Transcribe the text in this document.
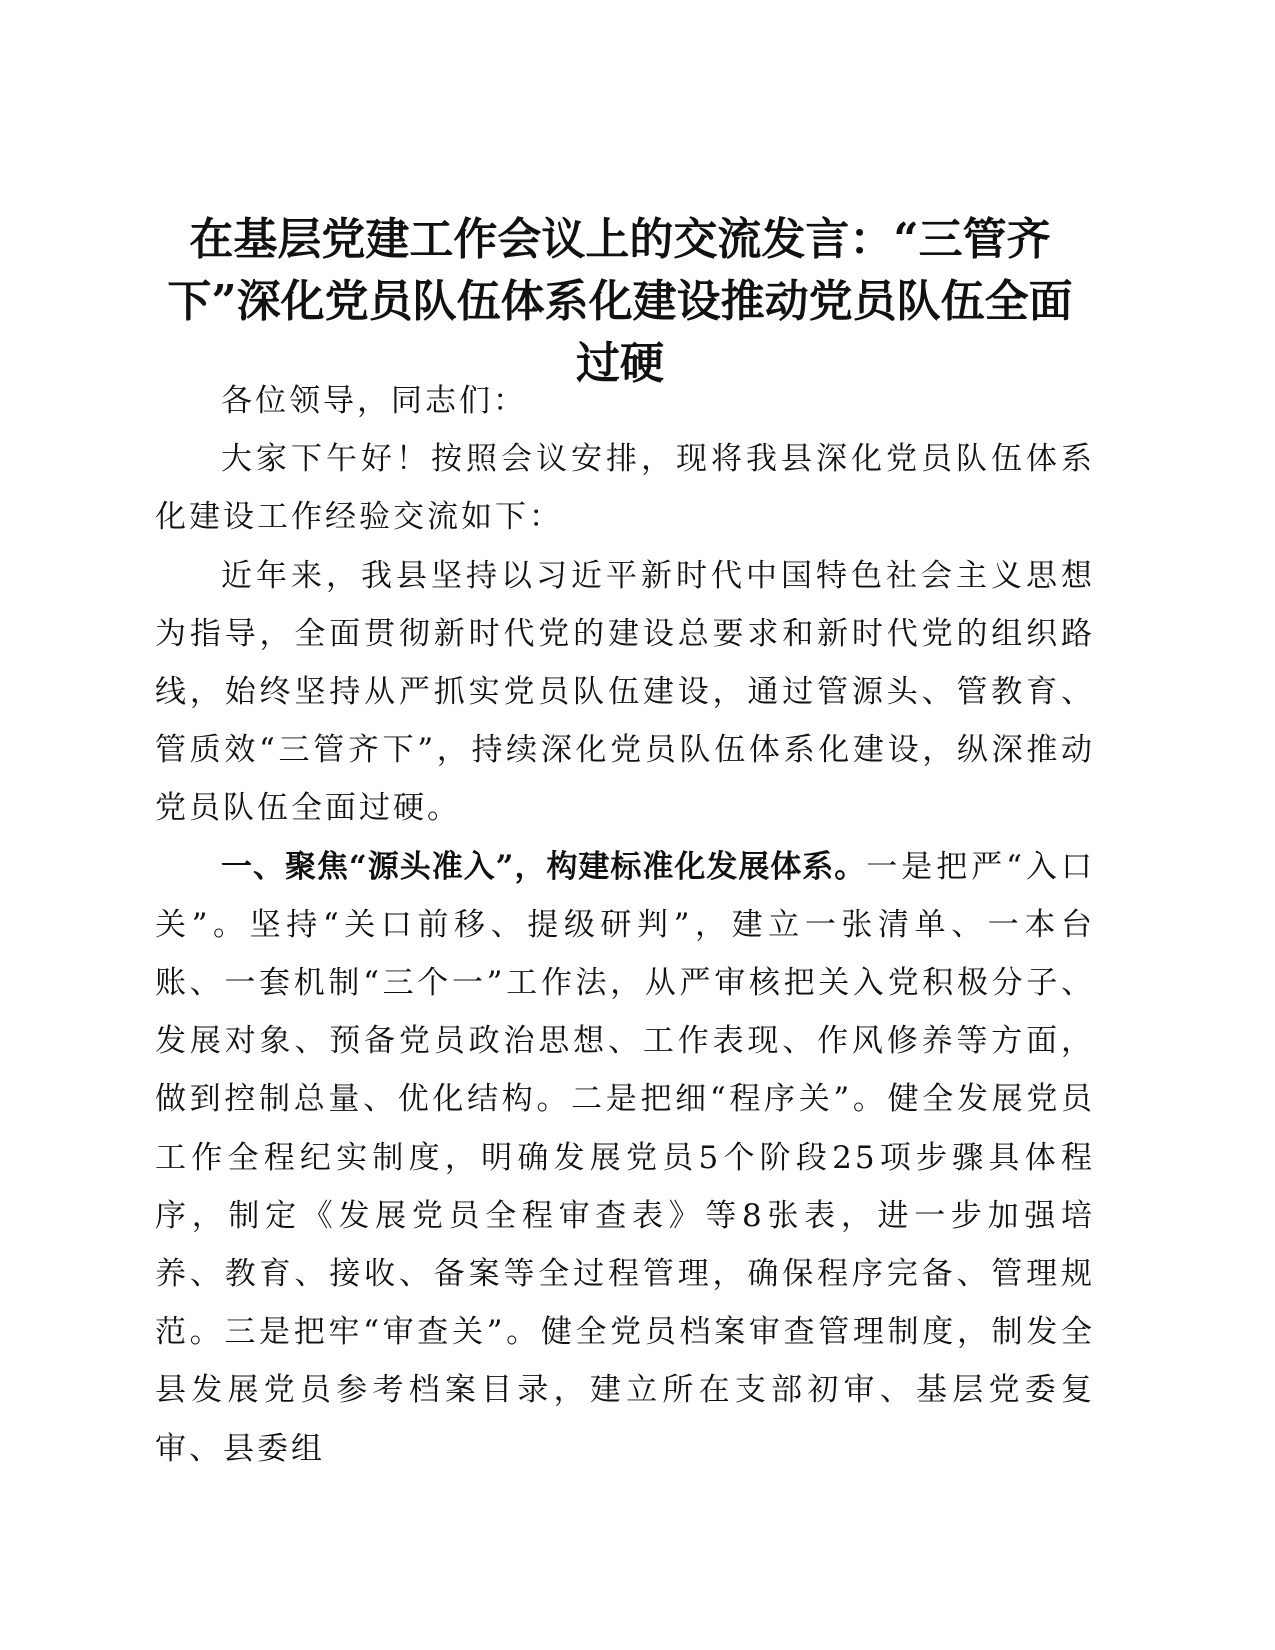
在基层党建工作会议上的交流发言：“三管齐下”深化党员队伍体系化建设推动党员队伍全面过硬

各位领导，同志们：

大家下午好！按照会议安排，现将我县深化党员队伍体系化建设工作经验交流如下：

近年来，我县坚持以习近平新时代中国特色社会主义思想为指导，全面贯彻新时代党的建设总要求和新时代党的组织路线，始终坚持从严抓实党员队伍建设，通过管源头、管教育、管质效“三管齐下”，持续深化党员队伍体系化建设，纵深推动党员队伍全面过硬。

一、聚焦“源头准入”，构建标准化发展体系。一是把严“入口关”。坚持“关口前移、提级研判”，建立一张清单、一本台账、一套机制“三个一”工作法，从严审核把关入党积极分子、发展对象、预备党员政治思想、工作表现、作风修养等方面，做到控制总量、优化结构。二是把细“程序关”。健全发展党员工作全程纪实制度，明确发展党员5个阶段25项步骤具体程序，制定《发展党员全程审查表》等8张表，进一步加强培养、教育、接收、备案等全过程管理，确保程序完备、管理规范。三是把牢“审查关”。健全党员档案审查管理制度，制发全县发展党员参考档案目录，建立所在支部初审、基层党委复审、县委组
